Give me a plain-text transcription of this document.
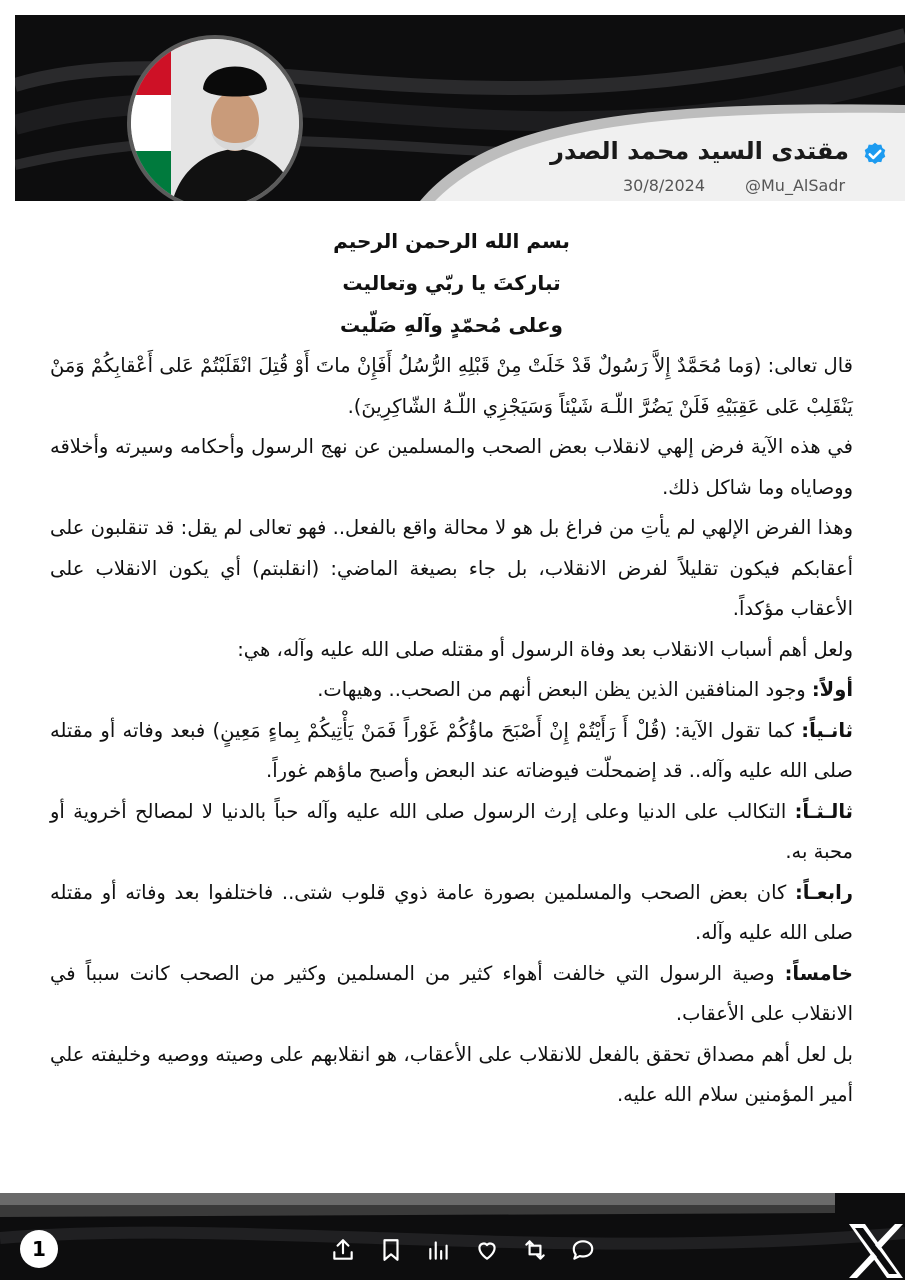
مقتدى السيد محمد الصدر
30/8/2024 @Mu_AlSadr
بسم الله الرحمن الرحيم
تباركتَ يا ربّي وتعاليت
وعلى مُحمّدٍ وآلهِ صَلّيت

قال تعالى: (وَما مُحَمَّدٌ إِلاَّ رَسُولٌ قَدْ خَلَتْ مِنْ قَبْلِهِ الرُّسُلُ أَفَإِنْ ماتَ أَوْ قُتِلَ انْقَلَبْتُمْ عَلى أَعْقابِكُمْ وَمَنْ يَنْقَلِبْ عَلى عَقِبَيْهِ فَلَنْ يَضُرَّ اللّـهَ شَيْئاً وَسَيَجْزِي اللّـهُ الشّاكِرِينَ).

في هذه الآية فرض إلهي لانقلاب بعض الصحب والمسلمين عن نهج الرسول وأحكامه وسيرته وأخلاقه ووصاياه وما شاكل ذلك.

وهذا الفرض الإلهي لم يأتِ من فراغ بل هو لا محالة واقع بالفعل.. فهو تعالى لم يقل: قد تنقلبون على أعقابكم فيكون تقليلاً لفرض الانقلاب، بل جاء بصيغة الماضي: (انقلبتم) أي يكون الانقلاب على الأعقاب مؤكداً.

ولعل أهم أسباب الانقلاب بعد وفاة الرسول أو مقتله صلى الله عليه وآله، هي:

أولاً: وجود المنافقين الذين يظن البعض أنهم من الصحب.. وهيهات.

ثانـياً: كما تقول الآية: (قُلْ أَ رَأَيْتُمْ إِنْ أَصْبَحَ ماؤُكُمْ غَوْراً فَمَنْ يَأْتِيكُمْ بِماءٍ مَعِينٍ) فبعد وفاته أو مقتله صلى الله عليه وآله.. قد إضمحلّت فيوضاته عند البعض وأصبح ماؤهم غوراً.

ثالـثـاً: التكالب على الدنيا وعلى إرث الرسول صلى الله عليه وآله حباً بالدنيا لا لمصالح أخروية أو محبة به.

رابعـاً: كان بعض الصحب والمسلمين بصورة عامة ذوي قلوب شتى.. فاختلفوا بعد وفاته أو مقتله صلى الله عليه وآله.

خامساً: وصية الرسول التي خالفت أهواء كثير من المسلمين وكثير من الصحب كانت سبباً في الانقلاب على الأعقاب.

بل لعل أهم مصداق تحقق بالفعل للانقلاب على الأعقاب، هو انقلابهم على وصيته ووصيه وخليفته علي أمير المؤمنين سلام الله عليه.

1
